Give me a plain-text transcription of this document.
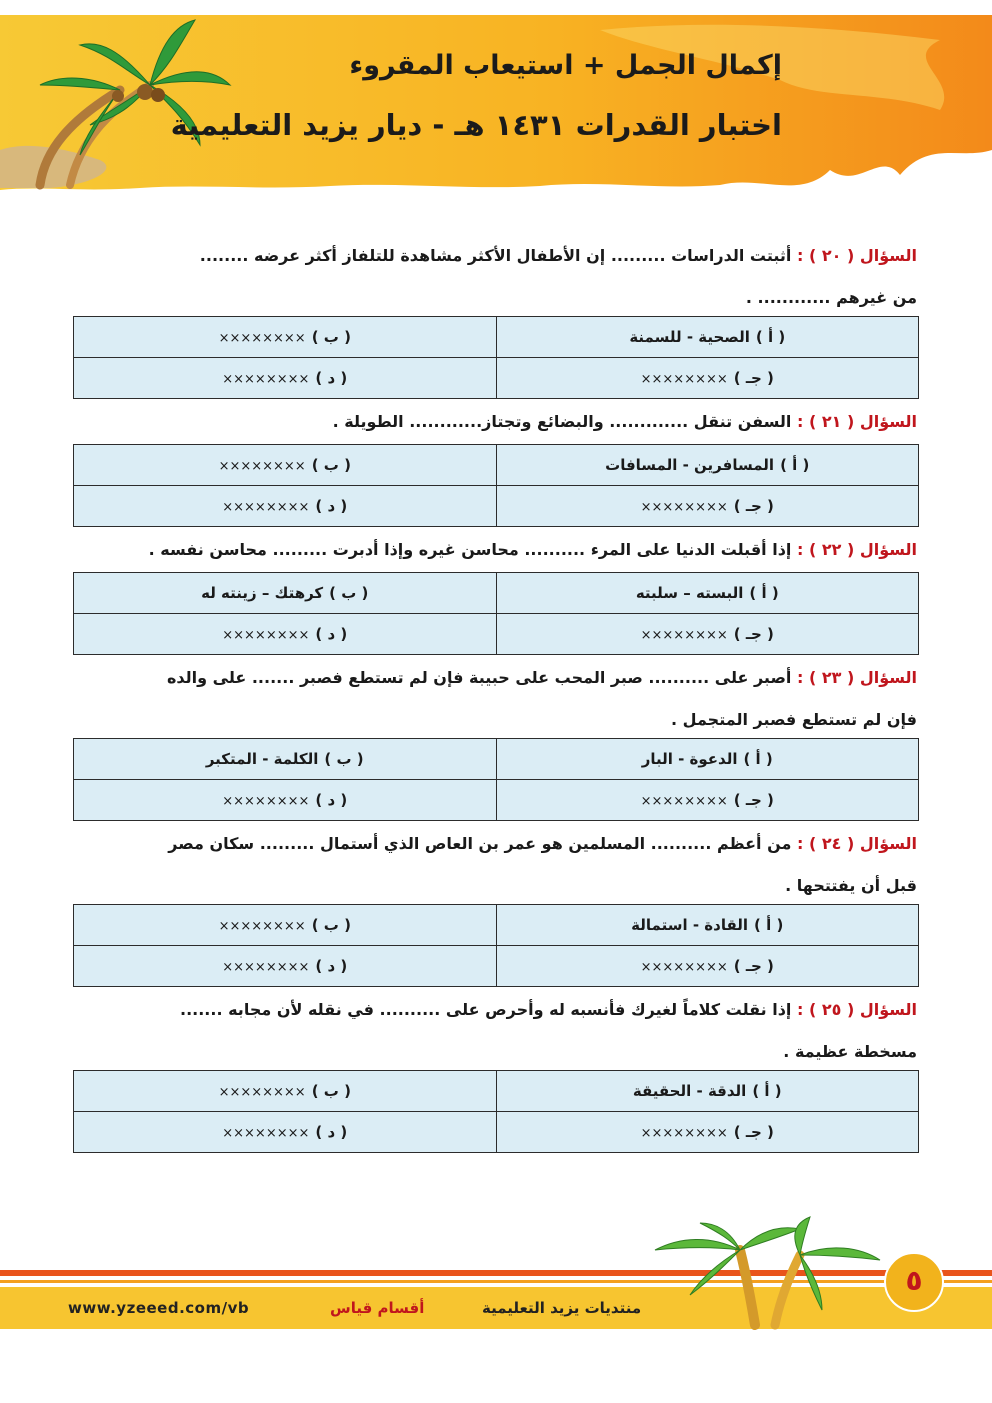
إكمال الجمل + استيعاب المقروء
اختبار القدرات ١٤٣١ هـ - ديار يزيد التعليمية
السؤال ( ٢٠ ) : أثبتت الدراسات ......... إن الأطفال الأكثر مشاهدة للتلفاز أكثر عرضه ........
من غيرهم ............ .
( أ )الصحية - للسمنة	( ب )××××××××
( جـ )××××××××	( د )××××××××
السؤال ( ٢١ ) : السفن تنقل ............. والبضائع وتجتاز............ الطويلة .
( أ )المسافرين - المسافات	( ب )××××××××
( جـ )××××××××	( د )××××××××
السؤال ( ٢٢ ) : إذا أقبلت الدنيا على المرء .......... محاسن غيره وإذا أدبرت ......... محاسن نفسه .
( أ )البسته – سلبته	( ب )كرهتك – زينته له
( جـ )××××××××	( د )××××××××
السؤال ( ٢٣ ) : أصبر على .......... صبر المحب على حبيبة فإن لم تستطع فصبر ....... على والده
فإن لم تستطع فصبر المتجمل .
( أ )الدعوة - البار	( ب )الكلمة - المتكبر
( جـ )××××××××	( د )××××××××
السؤال ( ٢٤ ) : من أعظم .......... المسلمين هو عمر بن العاص الذي أستمال ......... سكان مصر
قبل أن يفتتحها .
( أ )القادة - استمالة	( ب )××××××××
( جـ )××××××××	( د )××××××××
السؤال ( ٢٥ ) : إذا نقلت كلاماً لغيرك فأنسبه له وأحرص على .......... في نقله لأن مجابه .......
مسخطة عظيمة .
( أ )الدقة - الحقيقة	( ب )××××××××
( جـ )××××××××	( د )××××××××
٥
www.yzeeed.com/vb	أقسام قياس	منتديات يزيد التعليمية
